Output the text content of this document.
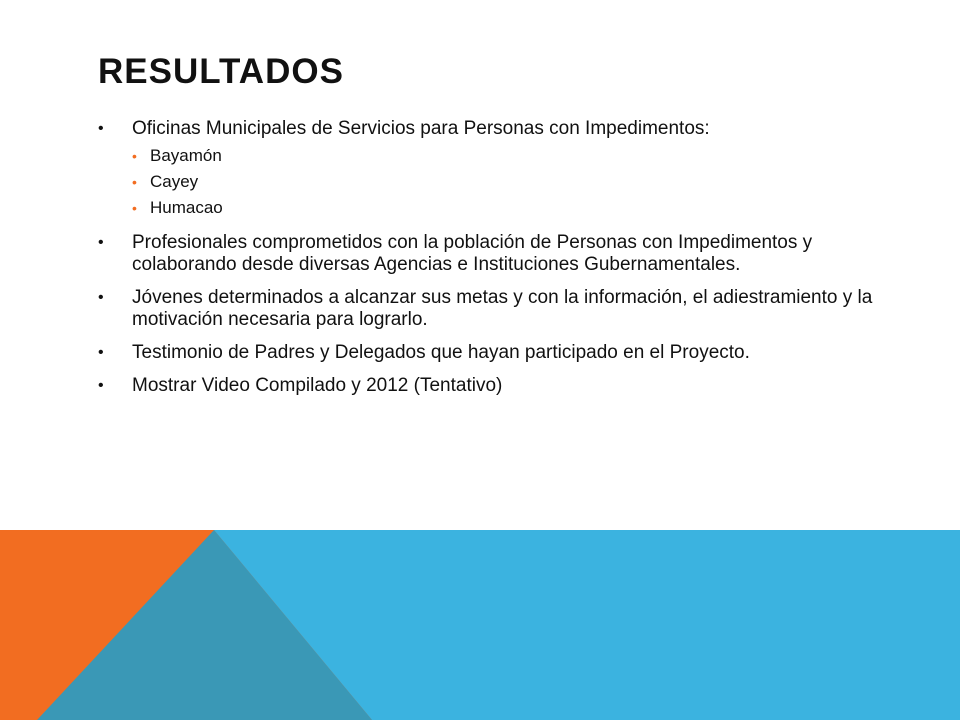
RESULTADOS
• Oficinas Municipales de Servicios para Personas con Impedimentos:
• Bayamón
• Cayey
• Humacao
• Profesionales comprometidos con la población de Personas con Impedimentos y colaborando desde diversas Agencias e Instituciones Gubernamentales.
• Jóvenes determinados a alcanzar sus metas y con la información, el adiestramiento y la motivación necesaria para lograrlo.
• Testimonio de Padres y Delegados que hayan participado en el Proyecto.
• Mostrar Video Compilado y 2012 (Tentativo)
